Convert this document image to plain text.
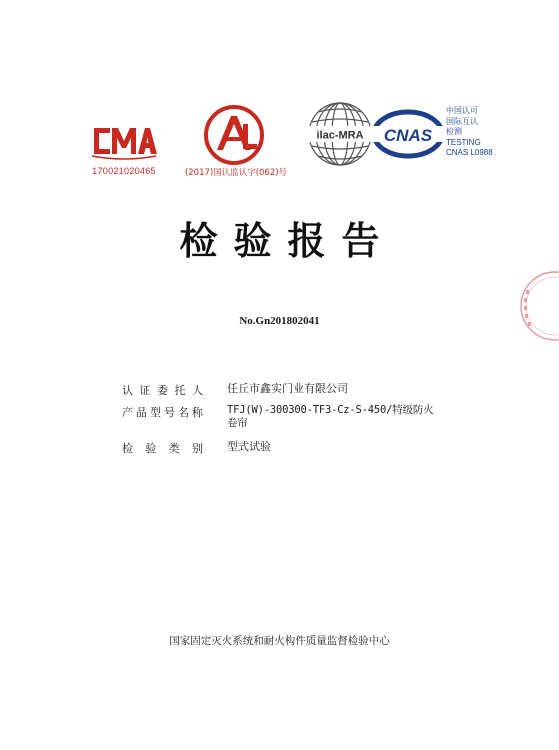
170021020465	(2017)国认监认字(062)号
ilac-MRA CNAS
中国认可
国际互认
检测
TESTING
CNAS L0988
检验报告
No.Gn201802041
认证委托人 任丘市鑫实门业有限公司
产品型号名称 TFJ(W)-300300-TF3-Cz-S-450/特级防火卷帘
检验类别 型式试验
国家固定灭火系统和耐火构件质量监督检验中心
